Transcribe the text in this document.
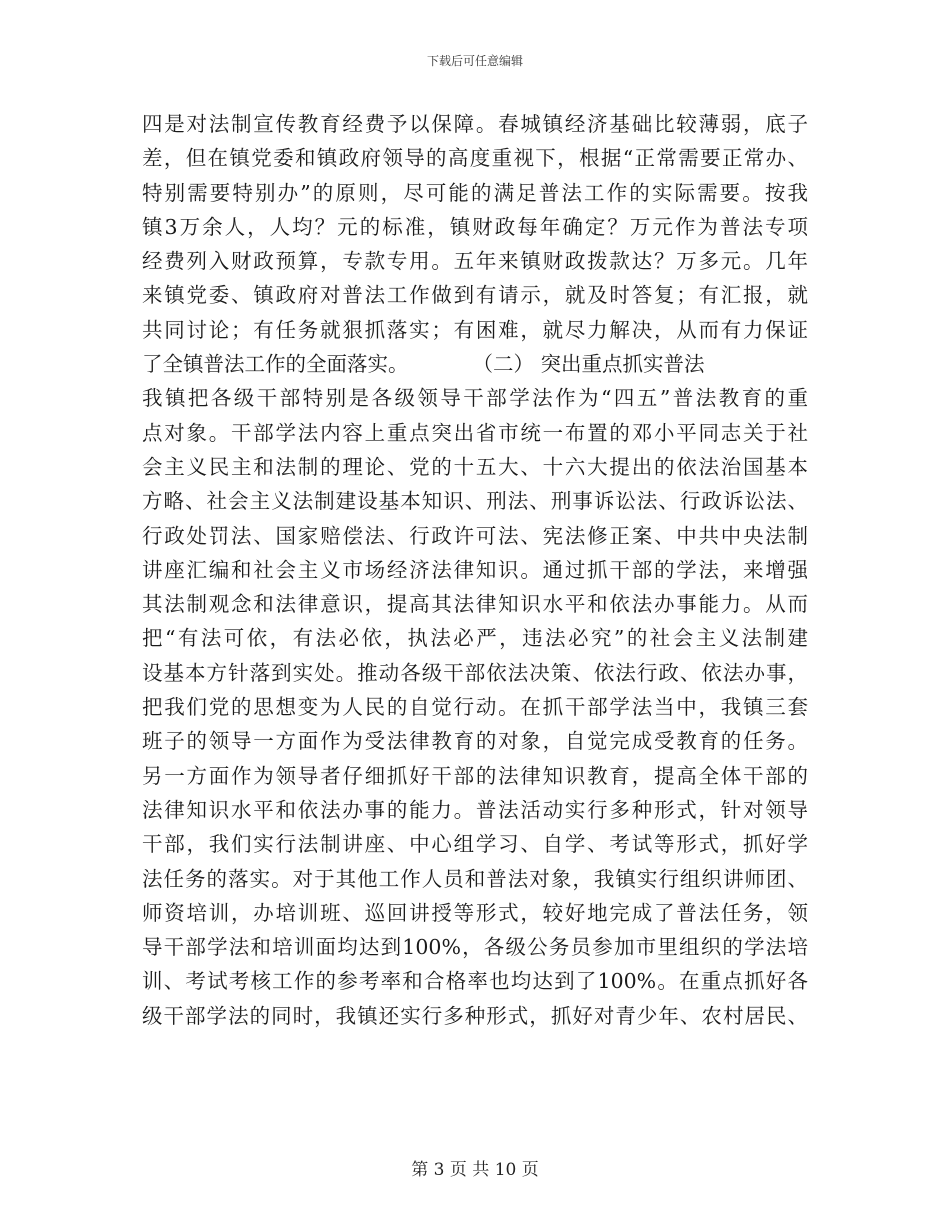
下载后可任意编辑
四是对法制宣传教育经费予以保障。春城镇经济基础比较薄弱，底子
差，但在镇党委和镇政府领导的高度重视下，根据“正常需要正常办、
特别需要特别办”的原则，尽可能的满足普法工作的实际需要。按我
镇3万余人，人均？元的标准，镇财政每年确定？万元作为普法专项
经费列入财政预算，专款专用。五年来镇财政拨款达？万多元。几年
来镇党委、镇政府对普法工作做到有请示，就及时答复；有汇报，就
共同讨论；有任务就狠抓落实；有困难，就尽力解决，从而有力保证
了全镇普法工作的全面落实。	（二） 突出重点抓实普法
我镇把各级干部特别是各级领导干部学法作为“四五”普法教育的重
点对象。干部学法内容上重点突出省市统一布置的邓小平同志关于社
会主义民主和法制的理论、党的十五大、十六大提出的依法治国基本
方略、社会主义法制建设基本知识、刑法、刑事诉讼法、行政诉讼法、
行政处罚法、国家赔偿法、行政许可法、宪法修正案、中共中央法制
讲座汇编和社会主义市场经济法律知识。通过抓干部的学法，来增强
其法制观念和法律意识，提高其法律知识水平和依法办事能力。从而
把“有法可依，有法必依，执法必严，违法必究”的社会主义法制建
设基本方针落到实处。推动各级干部依法决策、依法行政、依法办事，
把我们党的思想变为人民的自觉行动。在抓干部学法当中，我镇三套
班子的领导一方面作为受法律教育的对象，自觉完成受教育的任务。
另一方面作为领导者仔细抓好干部的法律知识教育，提高全体干部的
法律知识水平和依法办事的能力。普法活动实行多种形式，针对领导
干部，我们实行法制讲座、中心组学习、自学、考试等形式，抓好学
法任务的落实。对于其他工作人员和普法对象，我镇实行组织讲师团、
师资培训，办培训班、巡回讲授等形式，较好地完成了普法任务，领
导干部学法和培训面均达到100%，各级公务员参加市里组织的学法培
训、考试考核工作的参考率和合格率也均达到了100%。在重点抓好各
级干部学法的同时，我镇还实行多种形式，抓好对青少年、农村居民、
第 3 页 共 10 页
